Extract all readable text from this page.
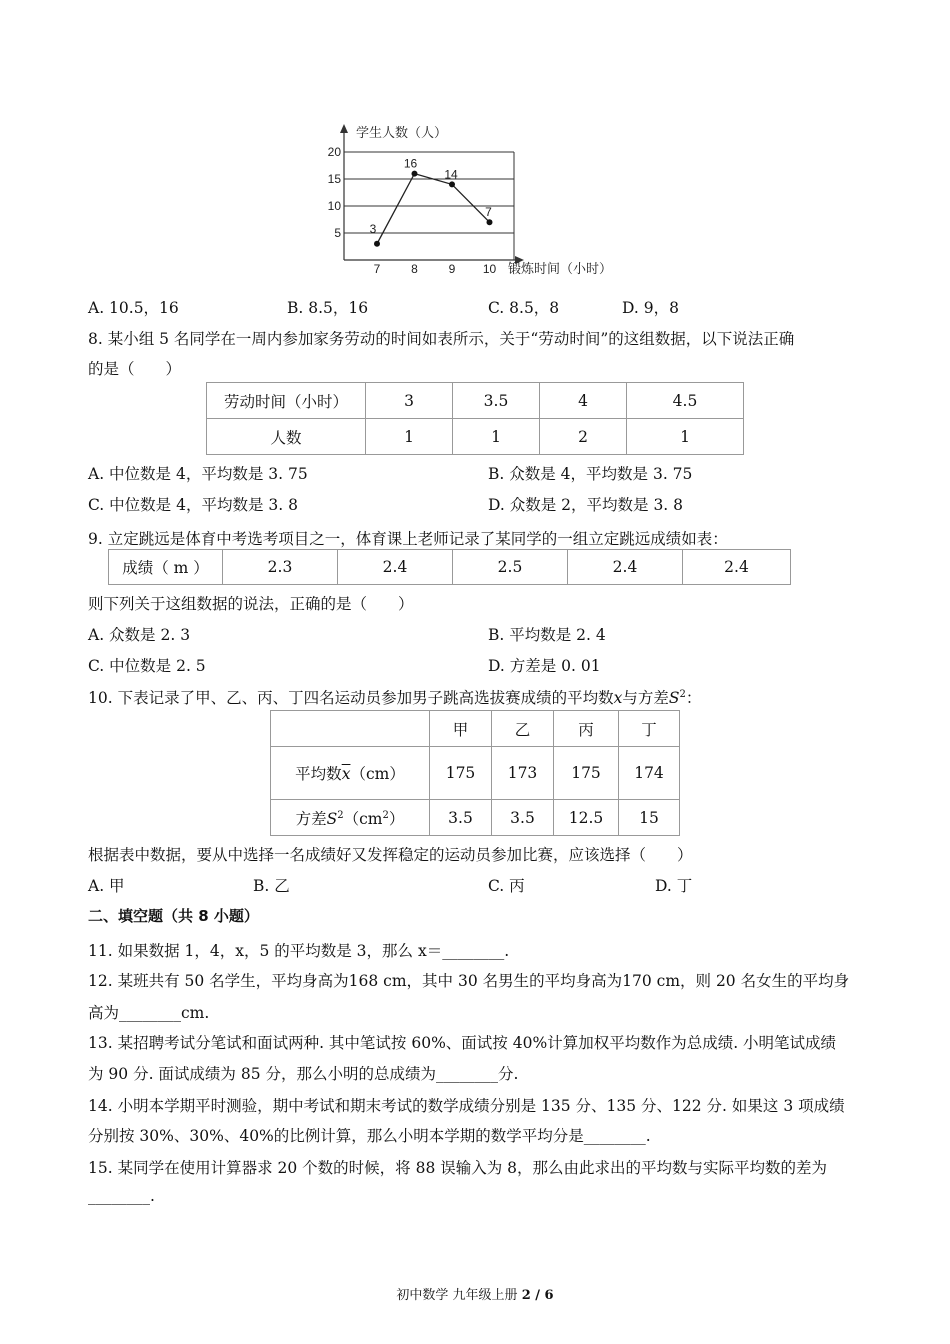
5
10
15
20
7	8	9 10
3
16
14
7
学生人数（人）
锻炼时间（小时）
A. 10.5，16	B. 8.5，16	C. 8.5，8	D. 9，8
8. 某小组 5 名同学在一周内参加家务劳动的时间如表所示，关于“劳动时间”的这组数据，以下说法正确
的是（　　）
劳动时间（小时）	3	3.5	4	4.5
人数	1	1	2	1
A. 中位数是 4，平均数是 3. 75	B. 众数是 4，平均数是 3. 75
C. 中位数是 4，平均数是 3. 8	D. 众数是 2，平均数是 3. 8
9. 立定跳远是体育中考选考项目之一，体育课上老师记录了某同学的一组立定跳远成绩如表：
成绩（ m ）	2.3	2.4	2.5	2.4	2.4
则下列关于这组数据的说法，正确的是（　　）
A. 众数是 2. 3	B. 平均数是 2. 4
C. 中位数是 2. 5	D. 方差是 0. 01
10. 下表记录了甲、乙、丙、丁四名运动员参加男子跳高选拔赛成绩的平均数x与方差$S^2$：
	甲	乙	丙	丁
平均数$\overline{x}(cm)$	175	173	175	174
方差$S^2(cm^2)$	3.5	3.5	12.5	15
根据表中数据，要从中选择一名成绩好又发挥稳定的运动员参加比赛，应该选择（　　）
A. 甲	B. 乙	C. 丙	D. 丁
二、填空题（共 8 小题）
11. 如果数据 1，4，x，5 的平均数是 3，那么 x＝________.
12. 某班共有 50 名学生，平均身高为168 cm，其中 30 名男生的平均身高为170 cm，则 20 名女生的平均身
高为________cm.
13. 某招聘考试分笔试和面试两种. 其中笔试按 60%、面试按 40%计算加权平均数作为总成绩. 小明笔试成绩
为 90 分. 面试成绩为 85 分，那么小明的总成绩为________分.
14. 小明本学期平时测验，期中考试和期末考试的数学成绩分别是 135 分、135 分、122 分. 如果这 3 项成绩
分别按 30%、30%、40%的比例计算，那么小明本学期的数学平均分是________.
15. 某同学在使用计算器求 20 个数的时候，将 88 误输入为 8，那么由此求出的平均数与实际平均数的差为
________.
初中数学 九年级上册 2 / 6
